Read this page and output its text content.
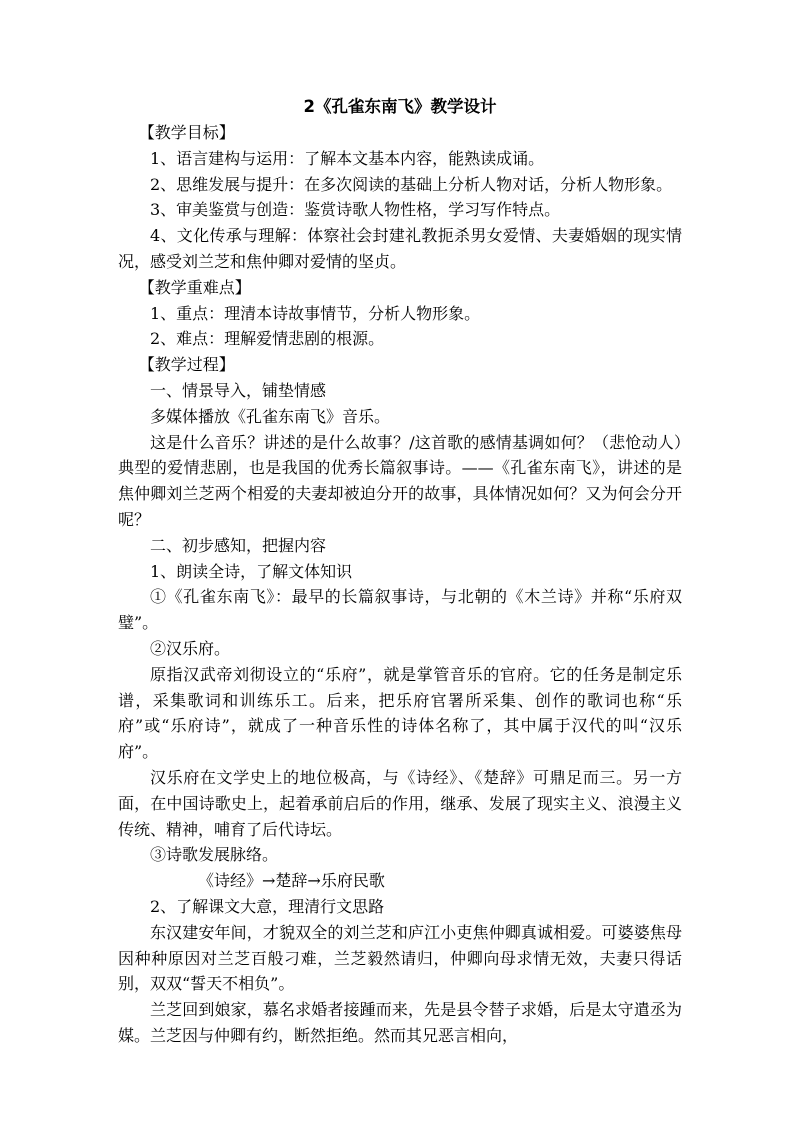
2《孔雀东南飞》教学设计

【教学目标】

1、语言建构与运用：了解本文基本内容，能熟读成诵。

2、思维发展与提升：在多次阅读的基础上分析人物对话，分析人物形象。

3、审美鉴赏与创造：鉴赏诗歌人物性格，学习写作特点。

4、文化传承与理解：体察社会封建礼教扼杀男女爱情、夫妻婚姻的现实情况，感受刘兰芝和焦仲卿对爱情的坚贞。

【教学重难点】

1、重点：理清本诗故事情节，分析人物形象。

2、难点：理解爱情悲剧的根源。

【教学过程】

一、情景导入，铺垫情感

多媒体播放《孔雀东南飞》音乐。

这是什么音乐？讲述的是什么故事？/这首歌的感情基调如何？（悲怆动人）典型的爱情悲剧，也是我国的优秀长篇叙事诗。——《孔雀东南飞》，讲述的是焦仲卿刘兰芝两个相爱的夫妻却被迫分开的故事，具体情况如何？又为何会分开呢？

二、初步感知，把握内容

1、朗读全诗，了解文体知识

①《孔雀东南飞》：最早的长篇叙事诗，与北朝的《木兰诗》并称“乐府双璧”。

②汉乐府。

原指汉武帝刘彻设立的“乐府”，就是掌管音乐的官府。它的任务是制定乐谱，采集歌词和训练乐工。后来，把乐府官署所采集、创作的歌词也称“乐府”或“乐府诗”，就成了一种音乐性的诗体名称了，其中属于汉代的叫“汉乐府”。

汉乐府在文学史上的地位极高，与《诗经》、《楚辞》可鼎足而三。另一方面，在中国诗歌史上，起着承前启后的作用，继承、发展了现实主义、浪漫主义传统、精神，哺育了后代诗坛。

③诗歌发展脉络。

《诗经》→楚辞→乐府民歌

2、了解课文大意，理清行文思路

东汉建安年间，才貌双全的刘兰芝和庐江小吏焦仲卿真诚相爱。可婆婆焦母因种种原因对兰芝百般刁难，兰芝毅然请归，仲卿向母求情无效，夫妻只得话别，双双“誓天不相负”。

兰芝回到娘家，慕名求婚者接踵而来，先是县令替子求婚，后是太守遣丞为媒。兰芝因与仲卿有约，断然拒绝。然而其兄恶言相向，
